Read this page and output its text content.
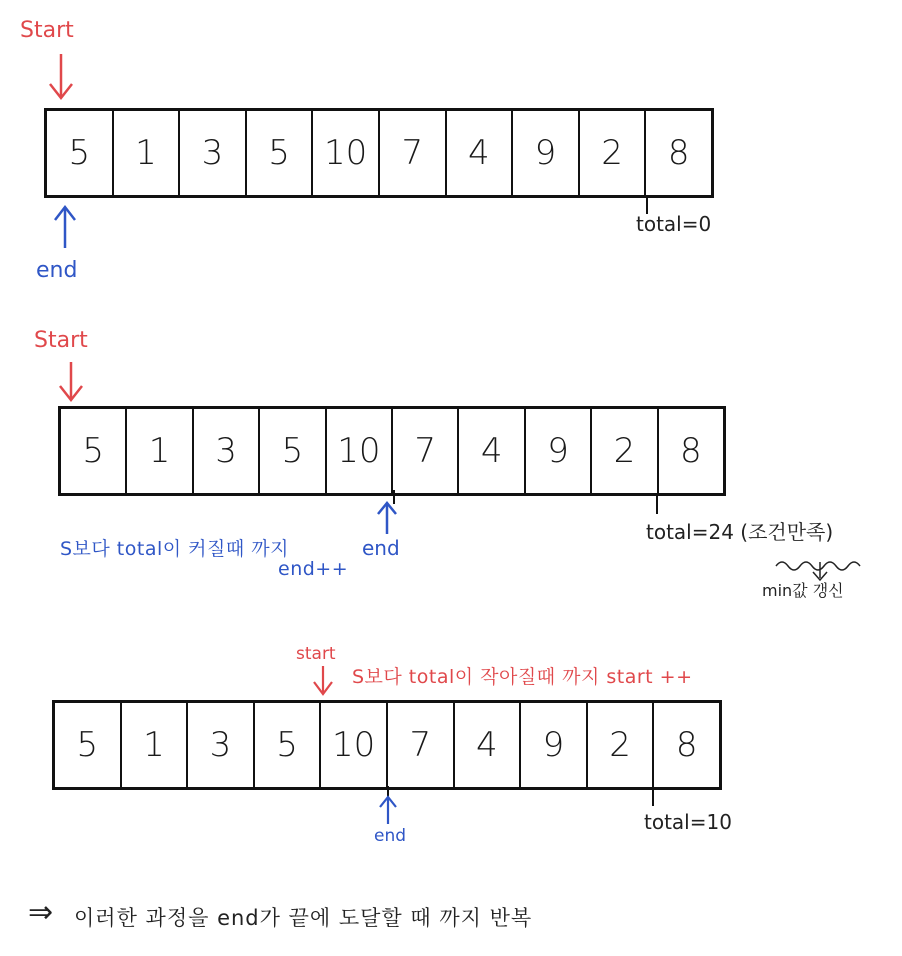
Start
5	1	3	5	10	7	4	9	2	8
end
total=0
Start
5	1	3	5 10 7	4	9	2	8
S보다 total이 커질때 까지
end++
end
total=24 (조건만족)
min값 갱신
start
S보다 total이 작아질때 까지 start ++
5	1	3	5	10	7	4	9	2	8
end
total=10
⇒ 이러한 과정을 end가 끝에 도달할 때 까지 반복
